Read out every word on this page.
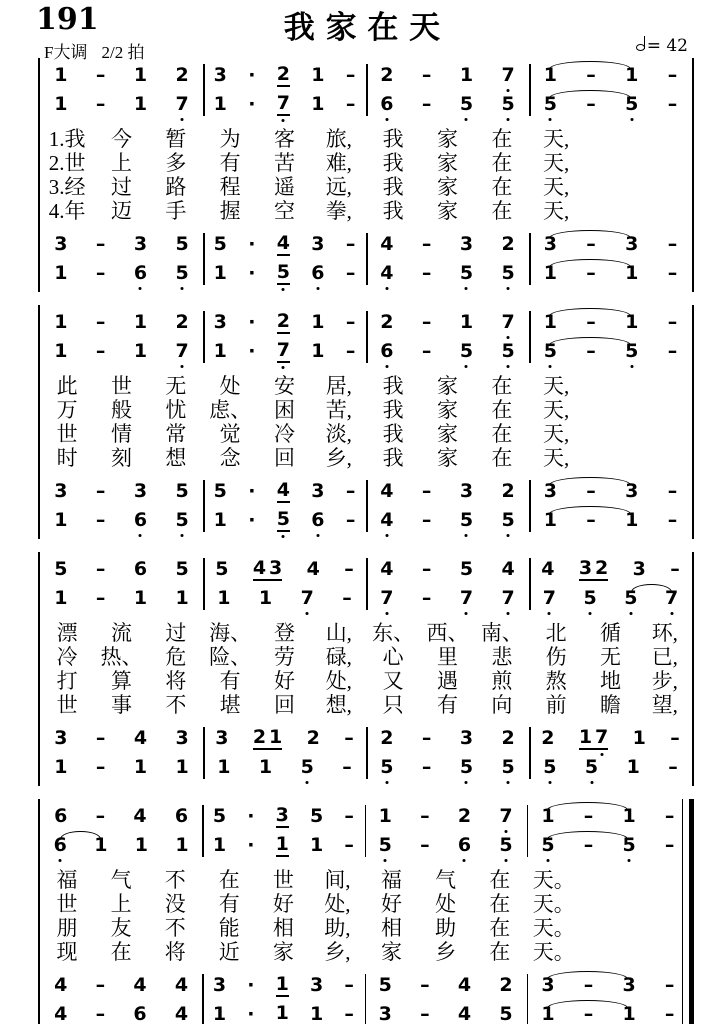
191	我 家 在 天
F大调 2/2 拍	= 42
1 – 1 2 3 · 2 1 – 2 – 1 7 1 – 1 –
1 – 1 7 1 · 7 1 – 6 – 5 5 5 – 5 –
1.我	今	暂	为	客	旅,	我	家	在	天,
2.世	上	多	有	苦	难,	我	家	在	天,
3.经	过	路	程	遥	远,	我	家	在	天,
4.年	迈	手	握	空	拳,	我	家	在	天,
3 – 3 5 5 · 4 3 – 4 – 3 2 3 – 3 –
1 – 6 5 1 · 5 6 – 4 – 5 5 1 – 1 –
1 – 1 2 3 · 2 1 – 2 – 1 7 1 – 1 –
1 – 1 7 1 · 7 1 – 6 – 5 5 5 – 5 –
此	世	无	处	安	居,	我	家	在	天,
万	般	忧	虑、	困	苦,	我	家	在	天,
世	情	常	觉	冷	淡,	我	家	在	天,
时	刻	想	念	回	乡,	我	家	在	天,
3 – 3 5 5 · 4 3 – 4 – 3 2 3 – 3 –
1 – 6 5 1 · 5 6 – 4 – 5 5 1 – 1 –
5 – 6 5 5 4 3 4 – 4 – 5 4 4 3 2 3 –
1 – 1 1 1 1 7 – 7 – 7 7 7 5 5 7
漂	流	过	海、	登	山, 东、 西、 南、	北	循	环,
冷	热、	危	险、	劳	碌,	心	里	悲	伤	无	已,
打	算	将	有	好	处,	又	遇	煎	熬	地	步,
世	事	不	堪	回	想,	只	有	向	前	瞻	望,
3 – 4 3 3 2 1 2 – 2 – 3 2 2 1 7 1 –
1 – 1 1 1 1 5 – 5 – 5 5 5 5 1 –
6 – 4 6 5 · 3 5 – 1 – 2 7 1 – 1 –
6 1 1 1 1 · 1 1 – 5 – 6 5 5 – 5 –
福	气	不	在	世	间,	福	气	在	天。
世	上	没	有	好	处,	好	处	在	天。
朋	友	不	能	相	助,	相	助	在	天。
现	在	将	近	家	乡,	家	乡	在	天。
4 – 4 4 3 · 1 3 – 5 – 4 2 3 – 3 –
4 – 6 4 1 · 1 1 – 3 – 4 5 1 – 1 –
